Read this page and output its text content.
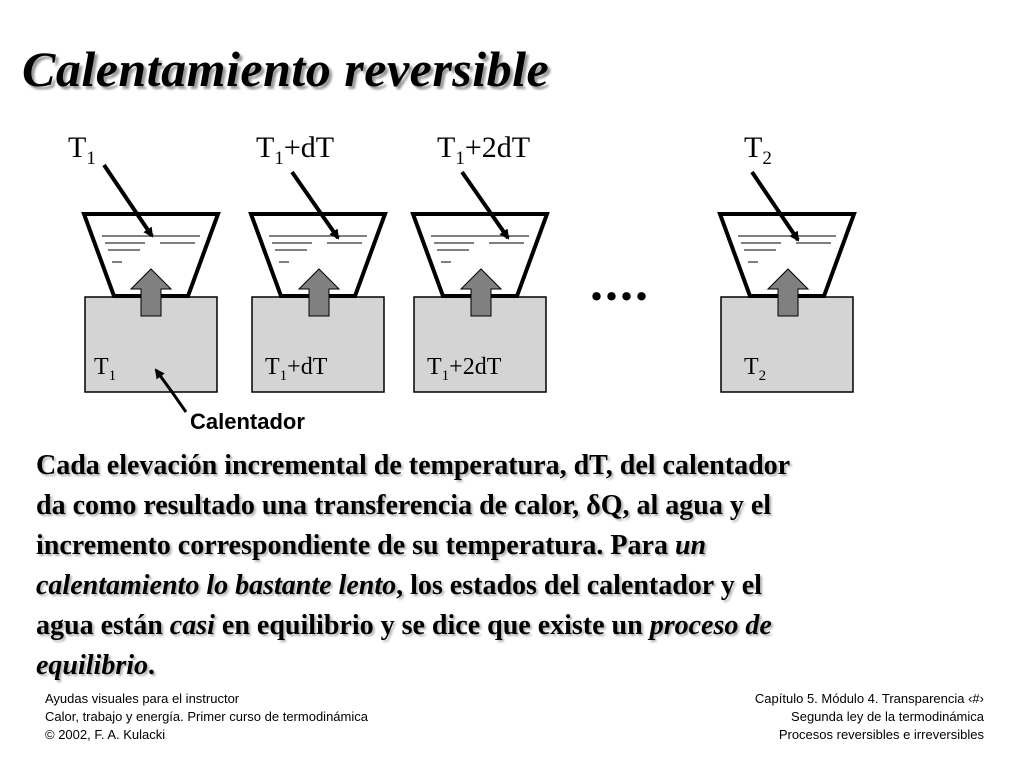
Calentamiento reversible
$T_1$
$T_1$
Calentador
$T_1+dT$
$T_1+dT$
$T_1+2dT$
$T_1+2dT$
....
$T_2$
$T_2$
Cada elevación incremental de temperatura, dT, del calentador
da como resultado una transferencia de calor, δQ, al agua y el
incremento correspondiente de su temperatura. Para un
calentamiento lo bastante lento, los estados del calentador y el
agua están casi en equilibrio y se dice que existe un proceso de
equilibrio.
Ayudas visuales para el instructor
Calor, trabajo y energía. Primer curso de termodinámica
© 2002, F. A. Kulacki
Capítulo 5. Módulo 4. Transparencia ‹#›
Segunda ley de la termodinámica
Procesos reversibles e irreversibles
